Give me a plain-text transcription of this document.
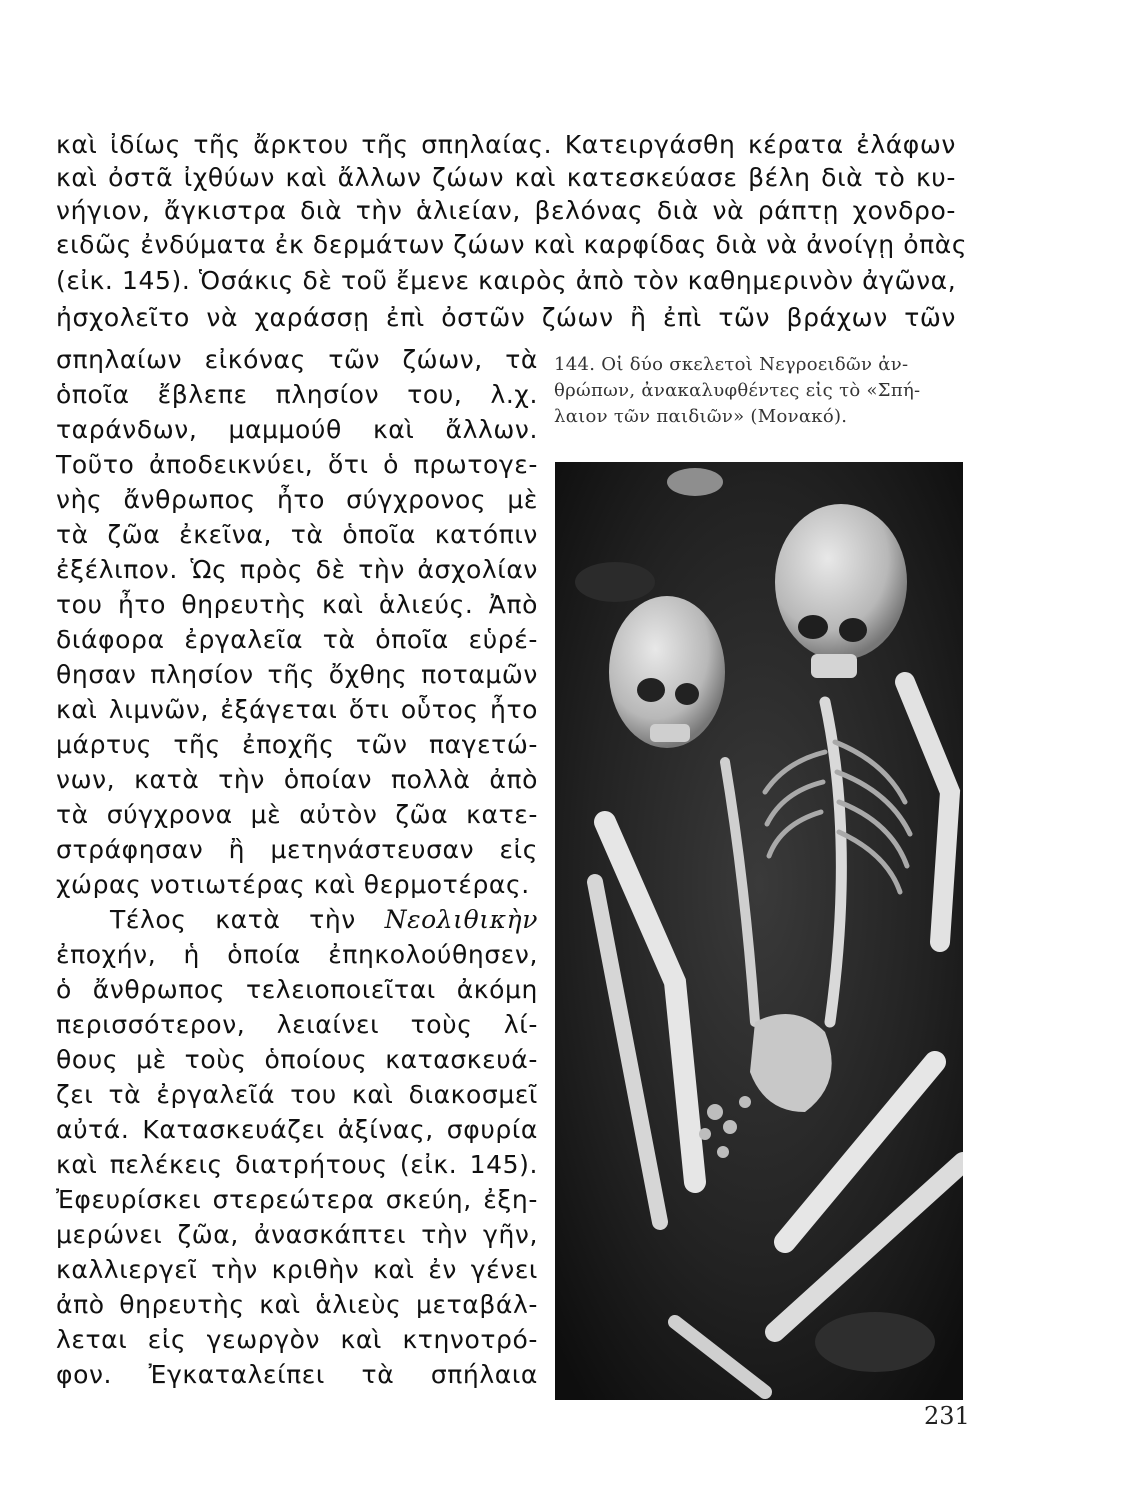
καὶ ἰδίως τῆς ἄρκτου τῆς σπηλαίας. Κατειργάσθη κέρατα ἐλάφων
καὶ ὀστᾶ ἰχθύων καὶ ἄλλων ζώων καὶ κατεσκεύασε βέλη διὰ τὸ κυ-
νήγιον, ἄγκιστρα διὰ τὴν ἁλιείαν, βελόνας διὰ νὰ ράπτῃ χονδρο-
ειδῶς ἐνδύματα ἐκ δερμάτων ζώων καὶ καρφίδας διὰ νὰ ἀνοίγῃ ὀπὰς
(εἰκ. 145). Ὁσάκις δὲ τοῦ ἔμενε καιρὸς ἀπὸ τὸν καθημερινὸν ἀγῶνα,
ἠσχολεῖτο νὰ χαράσσῃ ἐπὶ ὀστῶν ζώων ἢ ἐπὶ τῶν βράχων τῶν
σπηλαίων εἰκόνας τῶν ζώων, τὰ
ὁποῖα ἔβλεπε πλησίον του, λ.χ.
ταράνδων, μαμμούθ καὶ ἄλλων.
Τοῦτο ἀποδεικνύει, ὅτι ὁ πρωτογε-
νὴς ἄνθρωπος ἦτο σύγχρονος μὲ
τὰ ζῶα ἐκεῖνα, τὰ ὁποῖα κατόπιν
ἐξέλιπον. Ὡς πρὸς δὲ τὴν ἀσχολίαν
του ἦτο θηρευτὴς καὶ ἁλιεύς. Ἀπὸ
διάφορα ἐργαλεῖα τὰ ὁποῖα εὑρέ-
θησαν πλησίον τῆς ὄχθης ποταμῶν
καὶ λιμνῶν, ἐξάγεται ὅτι οὗτος ἦτο
μάρτυς τῆς ἐποχῆς τῶν παγετώ-
νων, κατὰ τὴν ὁποίαν πολλὰ ἀπὸ
τὰ σύγχρονα μὲ αὐτὸν ζῶα κατε-
στράφησαν ἢ μετηνάστευσαν εἰς
χώρας νοτιωτέρας καὶ θερμοτέρας.
Τέλος κατὰ τὴν Νεολιθικὴν
ἐποχήν, ἡ ὁποία ἐπηκολούθησεν,
ὁ ἄνθρωπος τελειοποιεῖται ἀκόμη
περισσότερον, λειαίνει τοὺς λί-
θους μὲ τοὺς ὁποίους κατασκευά-
ζει τὰ ἐργαλεῖά του καὶ διακοσμεῖ
αὐτά. Κατασκευάζει ἀξίνας, σφυρία
καὶ πελέκεις διατρήτους (εἰκ. 145).
Ἐφευρίσκει στερεώτερα σκεύη, ἐξη-
μερώνει ζῶα, ἀνασκάπτει τὴν γῆν,
καλλιεργεῖ τὴν κριθὴν καὶ ἐν γένει
ἀπὸ θηρευτὴς καὶ ἁλιεὺς μεταβάλ-
λεται εἰς γεωργὸν καὶ κτηνοτρό-
φον. Ἐγκαταλείπει τὰ σπήλαια
144. Οἱ δύο σκελετοὶ Νεγροειδῶν ἀν-
θρώπων, ἀνακαλυφθέντες εἰς τὸ «Σπή-
λαιον τῶν παιδιῶν» (Μονακό).
231
